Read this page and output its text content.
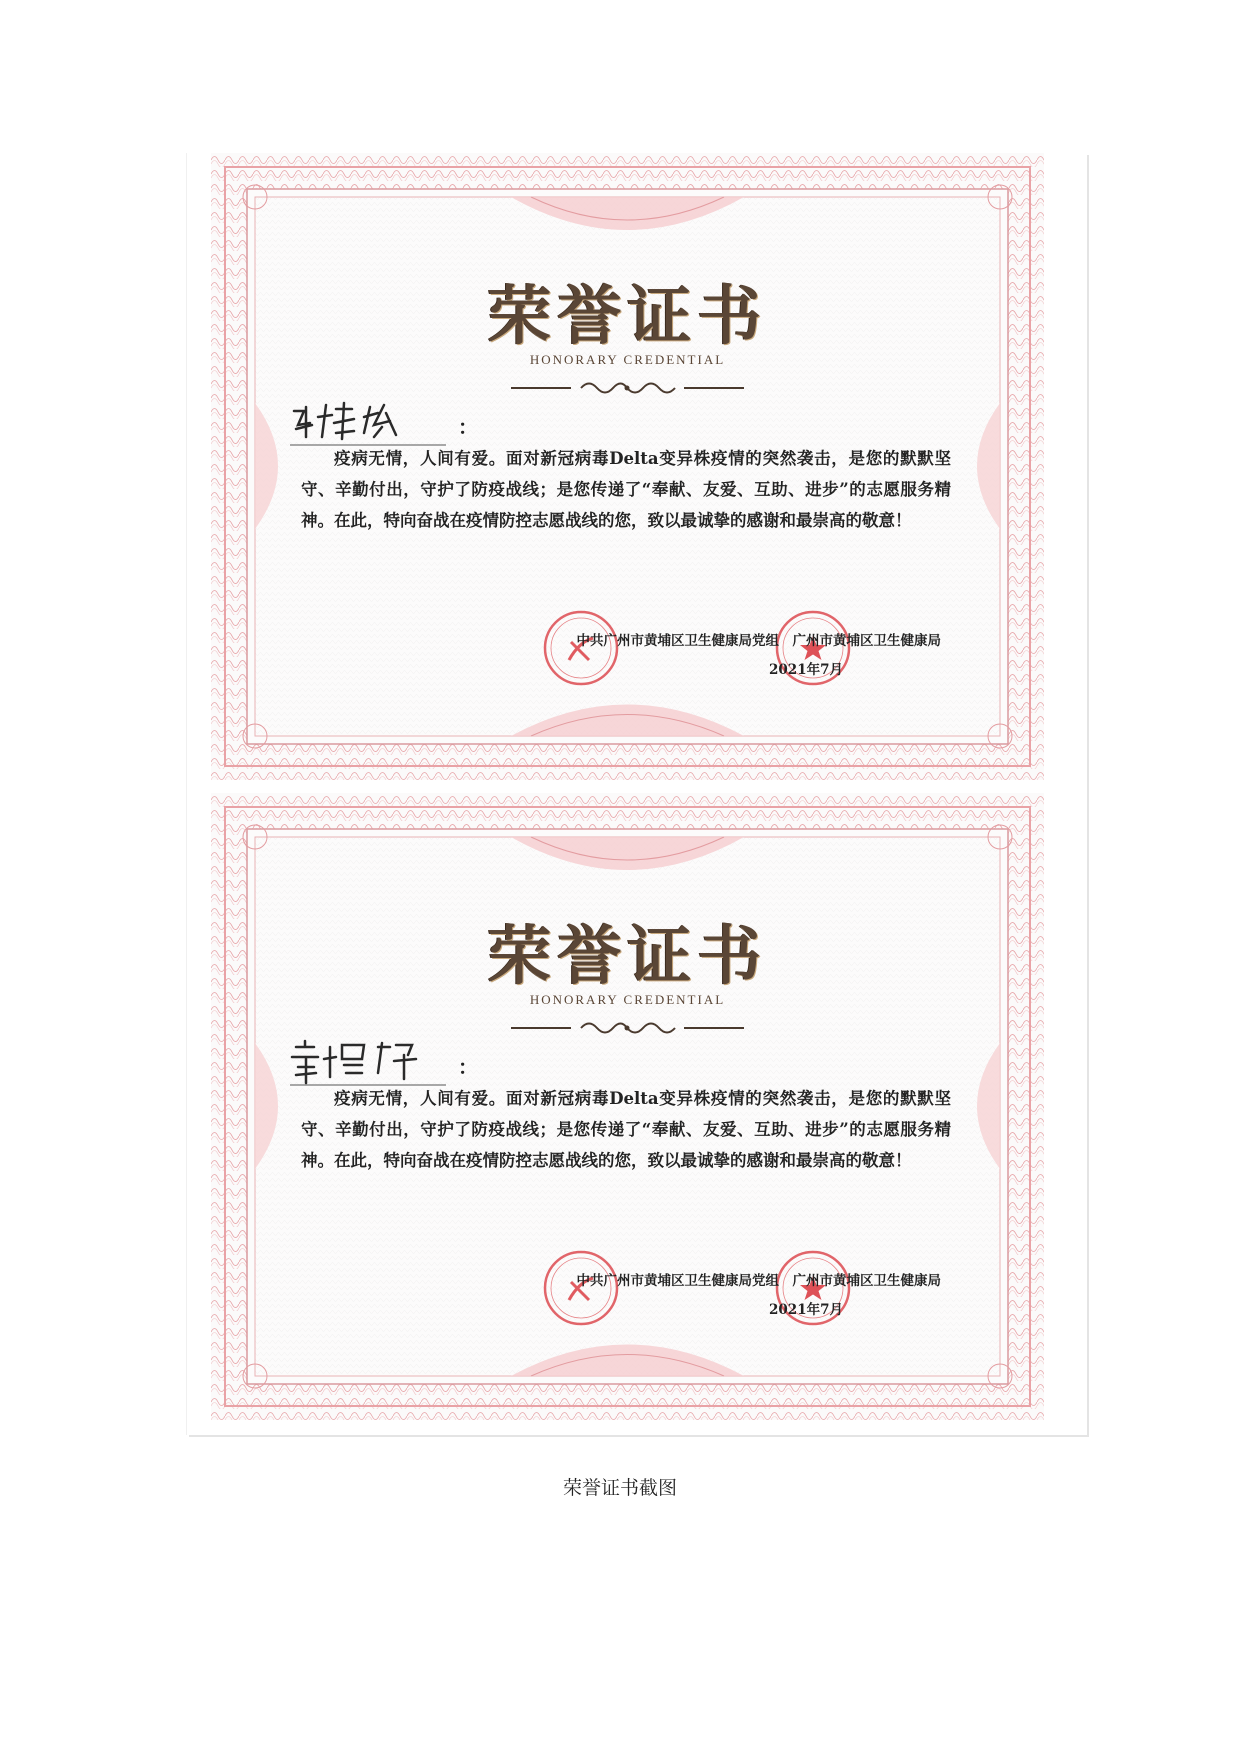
荣誉证书
HONORARY CREDENTIAL
：
疫病无情，人间有爱。面对新冠病毒Delta变异株疫情的突然袭击，是您的默默坚守、辛勤付出，守护了防疫战线；是您传递了“奉献、友爱、互助、进步”的志愿服务精神。在此，特向奋战在疫情防控志愿战线的您，致以最诚挚的感谢和最崇高的敬意！
中共广州市黄埔区卫生健康局党组　广州市黄埔区卫生健康局
2021年7月
荣誉证书
HONORARY CREDENTIAL
：
疫病无情，人间有爱。面对新冠病毒Delta变异株疫情的突然袭击，是您的默默坚守、辛勤付出，守护了防疫战线；是您传递了“奉献、友爱、互助、进步”的志愿服务精神。在此，特向奋战在疫情防控志愿战线的您，致以最诚挚的感谢和最崇高的敬意！
中共广州市黄埔区卫生健康局党组　广州市黄埔区卫生健康局
2021年7月
荣誉证书截图
